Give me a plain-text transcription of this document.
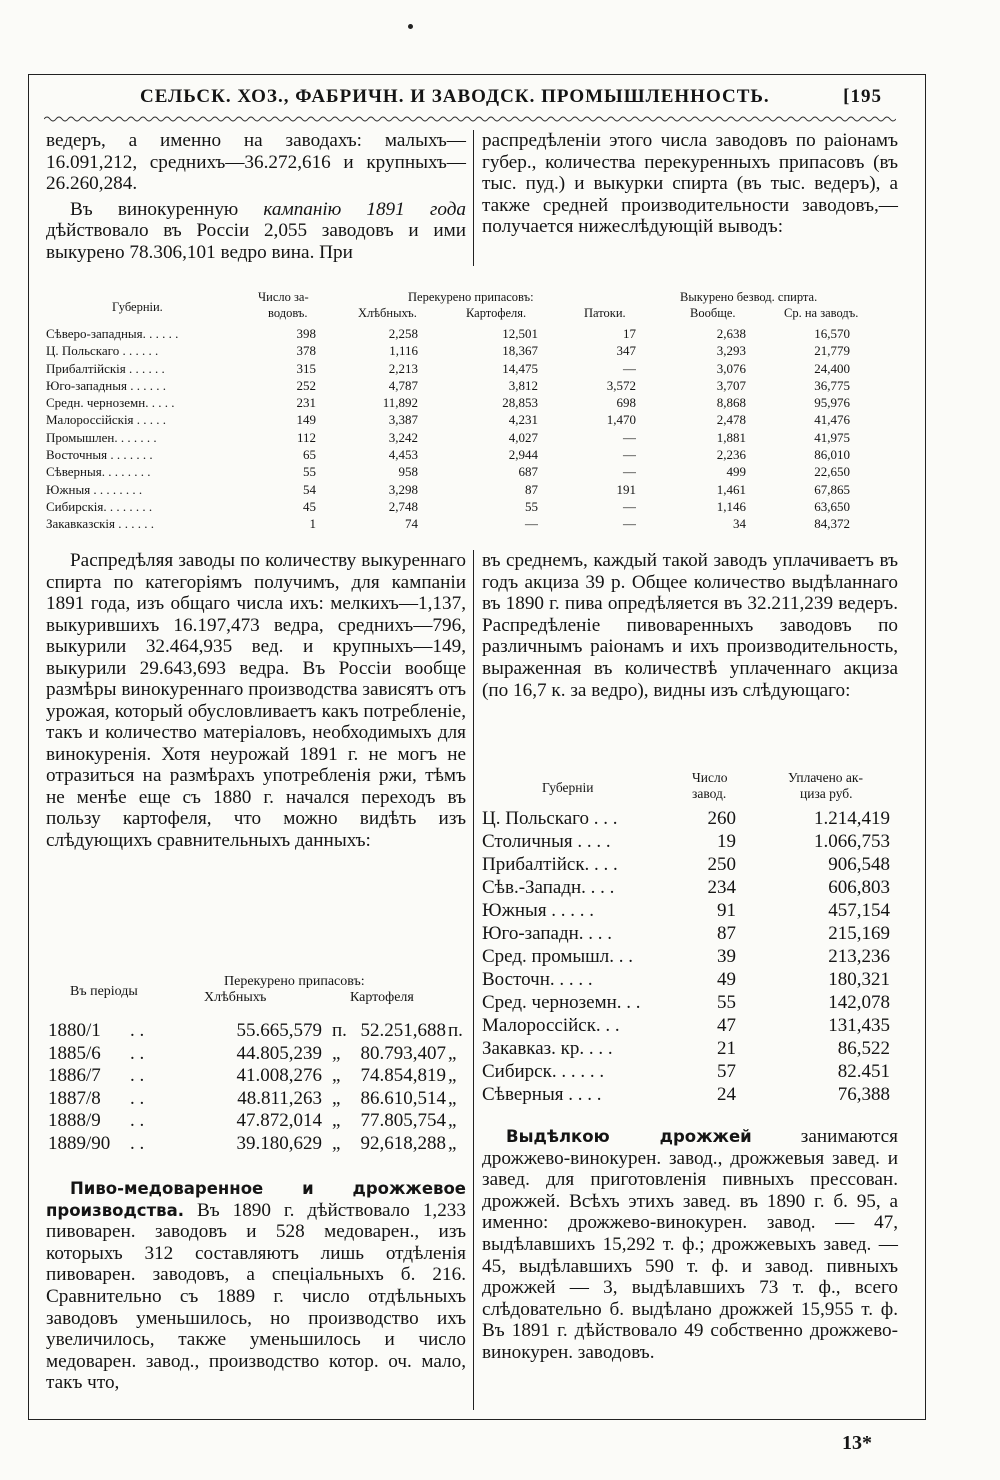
СЕЛЬСК. ХОЗ., ФАБРИЧН. И ЗАВОДСК. ПРОМЫШЛЕННОСТЬ.	[195

ведеръ, а именно на заводахъ: малыхъ—16.091,212, среднихъ—36.272,616 и крупныхъ—26.260,284.

Въ винокуренную кампанію 1891 года дѣйствовало въ Россіи 2,055 заводовъ и ими выкурено 78.306,101 ведро вина. При

распредѣленіи этого числа заводовъ по раіонамъ губер., количества перекуренныхъ припасовъ (въ тыс. пуд.) и выкурки спирта (въ тыс. ведеръ), а также средней производительности заводовъ,—получается нижеслѣдующій выводъ:

Губерніи.
Число за-
водовъ.
Перекурено припасовъ:
Хлѣбныхъ.	Картофеля.	Патоки.
Выкурено безвод. спирта.
Вообще.	Ср. на заводъ.
Сѣверо-западныя. . . . . .	398	2,258	12,501	17	2,638	16,570
Ц. Польскаго . . . . . .	378	1,116	18,367	347	3,293	21,779
Прибалтійскія . . . . . .	315	2,213	14,475	—	3,076	24,400
Юго-западныя . . . . . .	252	4,787	3,812	3,572	3,707	36,775
Средн. черноземн. . . . .	231	11,892	28,853	698	8,868	95,976
Малороссійскія . . . . .	149	3,387	4,231	1,470	2,478	41,476
Промышлен. . . . . . .	112	3,242	4,027	—	1,881	41,975
Восточныя . . . . . . .	65	4,453	2,944	—	2,236	86,010
Сѣверныя. . . . . . . .	55	958	687	—	499	22,650
Южныя . . . . . . . .	54	3,298	87	191	1,461	67,865
Сибирскія. . . . . . . .	45	2,748	55	—	1,146	63,650
Закавказскія . . . . . .	1	74	—	—	34	84,372

Распредѣляя заводы по количеству выкуреннаго спирта по категоріямъ получимъ, для кампаніи 1891 года, изъ общаго числа ихъ: мелкихъ—1,137, выкурившихъ 16.197,473 ведра, среднихъ—796, выкурили 32.464,935 вед. и крупныхъ—149, выкурили 29.643,693 ведра. Въ Россіи вообще размѣры винокуреннаго производства зависятъ отъ урожая, который обусловливаетъ какъ потребленіе, такъ и количество матеріаловъ, необходимыхъ для винокуренія. Хотя неурожай 1891 г. не могъ не отразиться на размѣрахъ употребленія ржи, тѣмъ не менѣе еще съ 1880 г. начался переходъ въ пользу картофеля, что можно видѣть изъ слѣдующихъ сравнительныхъ данныхъ:

Въ періоды
Перекурено припасовъ:
Хлѣбныхъ	Картофеля
1880/1	. .	55.665,579 п. 52.251,688 п.
1885/6	. .	44.805,239 „	80.793,407 „
1886/7	. .	41.008,276 „	74.854,819 „
1887/8	. .	48.811,263 „	86.610,514 „
1888/9	. .	47.872,014 „	77.805,754 „
1889/90	. .	39.180,629 „	92,618,288 „

Пиво-медоваренное и дрожжевое производства. Въ 1890 г. дѣйствовало 1,233 пивоварен. заводовъ и 528 медоварен., изъ которыхъ 312 составляютъ лишь отдѣленія пивоварен. заводовъ, а спеціальныхъ б. 216. Сравнительно съ 1889 г. число отдѣльныхъ заводовъ уменьшилось, но производство ихъ увеличилось, также уменьшилось и число медоварен. завод., производство котор. оч. мало, такъ что,

въ среднемъ, каждый такой заводъ уплачиваетъ въ годъ акциза 39 р. Общее количество выдѣланнаго въ 1890 г. пива опредѣляется въ 32.211,239 ведеръ. Распредѣленіе пивоваренныхъ заводовъ по различнымъ раіонамъ и ихъ производительность, выраженная въ количествѣ уплаченнаго акциза (по 16,7 к. за ведро), видны изъ слѣдующаго:

Губерніи
Число
завод.
Уплачено ак-
циза руб.
Ц. Польскаго . . .	260	1.214,419
Столичныя . . . .	19	1.066,753
Прибалтійск. . . .	250	906,548
Сѣв.-Западн. . . .	234	606,803
Южныя . . . . .	91	457,154
Юго-западн. . . .	87	215,169
Сред. промышл. . .	39	213,236
Восточн. . . . .	49	180,321
Сред. черноземн. . .	55	142,078
Малороссійск. . .	47	131,435
Закавказ. кр. . . .	21	86,522
Сибирск. . . . . .	57	82.451
Сѣверныя . . . .	24	76,388

Выдѣлкою дрожжей занимаются дрожжево-винокурен. завод., дрожжевыя завед. и завед. для приготовленія пивныхъ прессован. дрожжей. Всѣхъ этихъ завед. въ 1890 г. б. 95, а именно: дрожжево-винокурен. завод. — 47, выдѣлавшихъ 15,292 т. ф.; дрожжевыхъ завед. — 45, выдѣлавшихъ 590 т. ф. и завод. пивныхъ дрожжей — 3, выдѣлавшихъ 73 т. ф., всего слѣдовательно б. выдѣлано дрожжей 15,955 т. ф. Въ 1891 г. дѣйствовало 49 собственно дрожжево-винокурен. заводовъ.

13*
